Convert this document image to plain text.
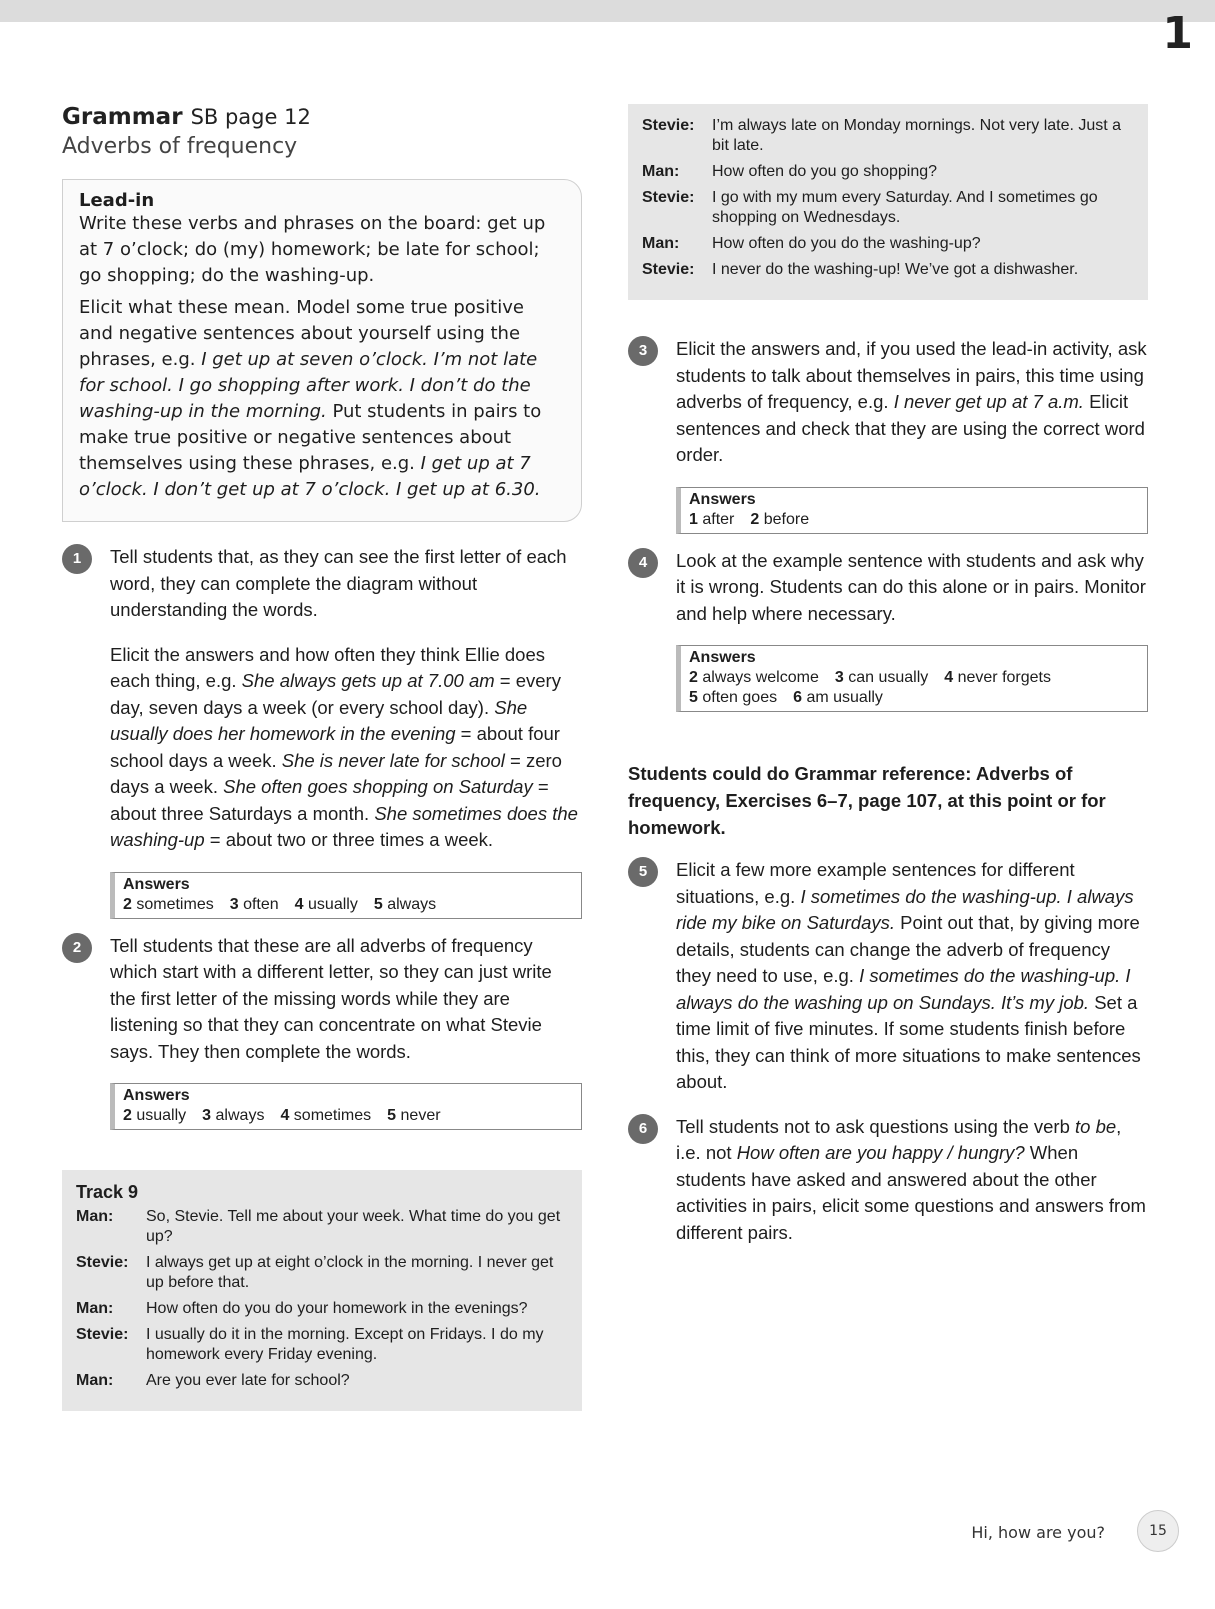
1
Grammar SB page 12
Adverbs of frequency
Lead-in

Write these verbs and phrases on the board: get up at 7 o’clock; do (my) homework; be late for school; go shopping; do the washing-up.

Elicit what these mean. Model some true positive and negative sentences about yourself using the phrases, e.g. I get up at seven o’clock. I’m not late for school. I go shopping after work. I don’t do the washing-up in the morning. Put students in pairs to make true positive or negative sentences about themselves using these phrases, e.g. I get up at 7 o’clock. I don’t get up at 7 o’clock. I get up at 6.30.

1	Tell students that, as they can see the first letter of each word, they can complete the diagram without understanding the words.

Elicit the answers and how often they think Ellie does each thing, e.g. She always gets up at 7.00 am = every day, seven days a week (or every school day). She usually does her homework in the evening = about four school days a week. She is never late for school = zero days a week. She often goes shopping on Saturday = about three Saturdays a month. She sometimes does the washing-up = about two or three times a week.

Answers
2 sometimes 3 often 4 usually 5 always
2	Tell students that these are all adverbs of frequency which start with a different letter, so they can just write the first letter of the missing words while they are listening so that they can concentrate on what Stevie says. They then complete the words.

Answers
2 usually 3 always 4 sometimes 5 never
Track 9
Man:	So, Stevie. Tell me about your week. What time do you get up?
Stevie:	I always get up at eight o’clock in the morning. I never get up before that.
Man:	How often do you do your homework in the evenings?
Stevie:	I usually do it in the morning. Except on Fridays. I do my homework every Friday evening.
Man:	Are you ever late for school?
Stevie:	I’m always late on Monday mornings. Not very late. Just a bit late.
Man:	How often do you go shopping?
Stevie:	I go with my mum every Saturday. And I sometimes go shopping on Wednesdays.
Man:	How often do you do the washing-up?
Stevie:	I never do the washing-up! We’ve got a dishwasher.
3	Elicit the answers and, if you used the lead-in activity, ask students to talk about themselves in pairs, this time using adverbs of frequency, e.g. I never get up at 7 a.m. Elicit sentences and check that they are using the correct word order.

Answers
1 after 2 before
4	Look at the example sentence with students and ask why it is wrong. Students can do this alone or in pairs. Monitor and help where necessary.

Answers
2 always welcome 3 can usually 4 never forgets
5 often goes 6 am usually
Students could do Grammar reference: Adverbs of frequency, Exercises 6–7, page 107, at this point or for homework.
5	Elicit a few more example sentences for different situations, e.g. I sometimes do the washing-up. I always ride my bike on Saturdays. Point out that, by giving more details, students can change the adverb of frequency they need to use, e.g. I sometimes do the washing-up. I always do the washing up on Sundays. It’s my job. Set a time limit of five minutes. If some students finish before this, they can think of more situations to make sentences about.

6	Tell students not to ask questions using the verb to be, i.e. not How often are you happy / hungry? When students have asked and answered about the other activities in pairs, elicit some questions and answers from different pairs.

Hi, how are you?	15
